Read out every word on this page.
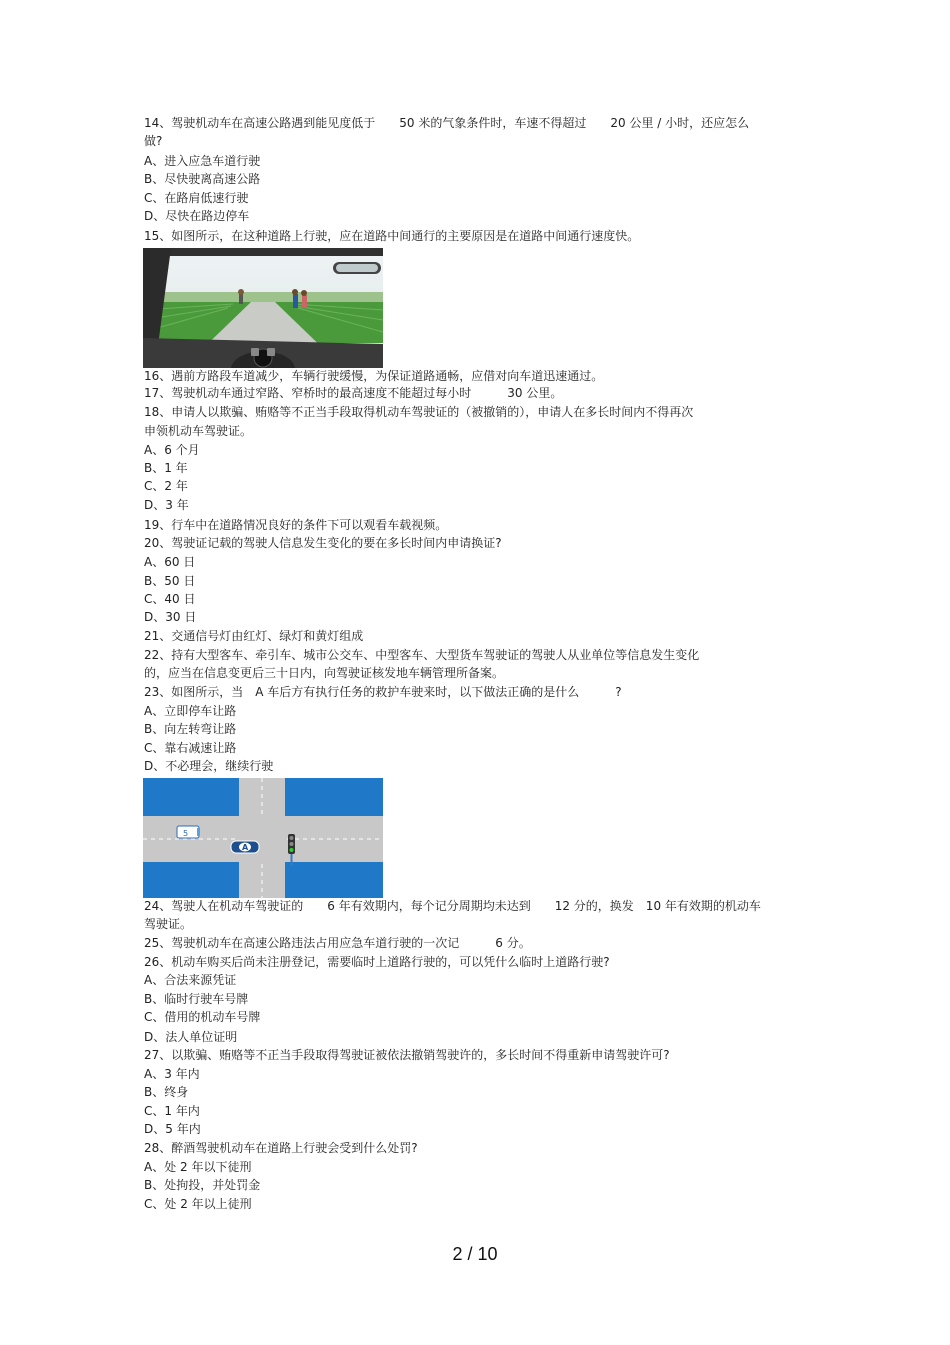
14、驾驶机动车在高速公路遇到能见度低于　　50 米的气象条件时，车速不得超过　　20 公里 / 小时，还应怎么
做?
A、进入应急车道行驶
B、尽快驶离高速公路
C、在路肩低速行驶
D、尽快在路边停车
15、如图所示，在这种道路上行驶，应在道路中间通行的主要原因是在道路中间通行速度快。
16、遇前方路段车道减少，车辆行驶缓慢，为保证道路通畅，应借对向车道迅速通过。
17、驾驶机动车通过窄路、窄桥时的最高速度不能超过每小时　　　30 公里。
18、申请人以欺骗、贿赂等不正当手段取得机动车驾驶证的（被撤销的），申请人在多长时间内不得再次
申领机动车驾驶证。
A、6 个月
B、1 年
C、2 年
D、3 年
19、行车中在道路情况良好的条件下可以观看车载视频。
20、驾驶证记载的驾驶人信息发生变化的要在多长时间内申请换证?
A、60 日
B、50 日
C、40 日
D、30 日
21、交通信号灯由红灯、绿灯和黄灯组成
22、持有大型客车、牵引车、城市公交车、中型客车、大型货车驾驶证的驾驶人从业单位等信息发生变化
的，应当在信息变更后三十日内，向驾驶证核发地车辆管理所备案。
23、如图所示，当　A 车后方有执行任务的救护车驶来时，以下做法正确的是什么　　　?
A、立即停车让路
B、向左转弯让路
C、靠右减速让路
D、不必理会，继续行驶
5
A
24、驾驶人在机动车驾驶证的　　6 年有效期内，每个记分周期均未达到　　12 分的，换发　10 年有效期的机动车
驾驶证。
25、驾驶机动车在高速公路违法占用应急车道行驶的一次记　　　6 分。
26、机动车购买后尚未注册登记，需要临时上道路行驶的，可以凭什么临时上道路行驶?
A、合法来源凭证
B、临时行驶车号牌
C、借用的机动车号牌
D、法人单位证明
27、以欺骗、贿赂等不正当手段取得驾驶证被依法撤销驾驶许的，多长时间不得重新申请驾驶许可?
A、3 年内
B、终身
C、1 年内
D、5 年内
28、醉酒驾驶机动车在道路上行驶会受到什么处罚?
A、处 2 年以下徒刑
B、处拘投，并处罚金
C、处 2 年以上徒刑
2 / 10
